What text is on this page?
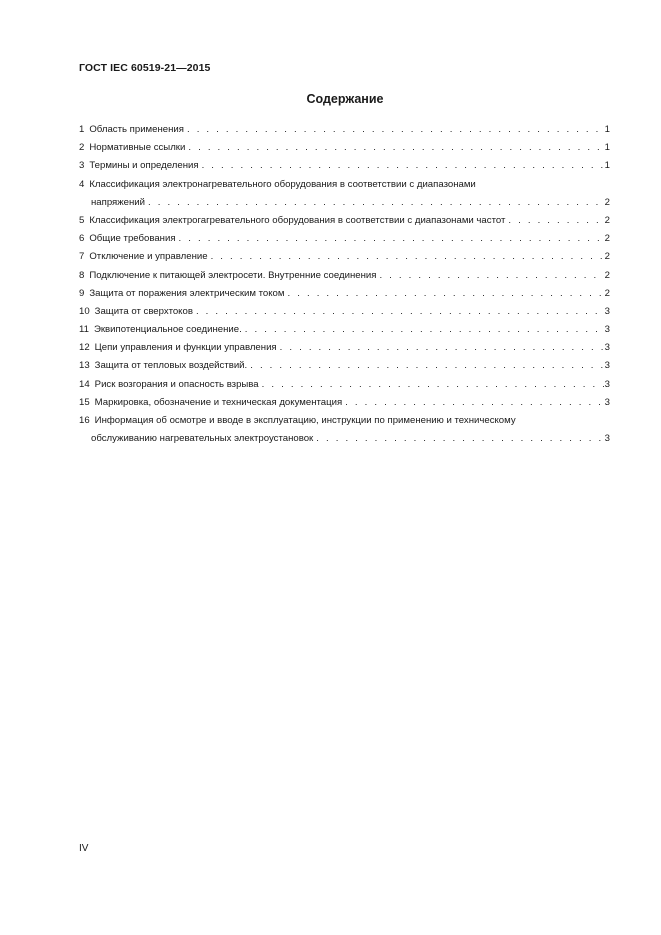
ГОСТ IEC 60519-21—2015
Содержание
1 Область применения . . .	1
2 Нормативные ссылки . . .	1
3 Термины и определения . . .	1
4 Классификация электронагревательного оборудования в соответствии с диапазонами
напряжений . . .	2
5 Классификация электрогагревательного оборудования в соответствии с диапазонами частот . . .	2
6 Общие требования . . .	2
7 Отключение и управление . . .	2
8 Подключение к питающей электросети. Внутренние соединения . . .	2
9 Защита от поражения электрическим током . . .	2
10 Защита от сверхтоков . . .	3
11 Эквипотенциальное соединение. . . .	3
12 Цепи управления и функции управления . . .	3
13 Защита от тепловых воздействий. . . .	3
14 Риск возгорания и опасность взрыва . . .	3
15 Маркировка, обозначение и техническая документация . . .	3
16 Информация об осмотре и вводе в эксплуатацию, инструкции по применению и техническому
обслуживанию нагревательных электроустановок . . .	3
IV
